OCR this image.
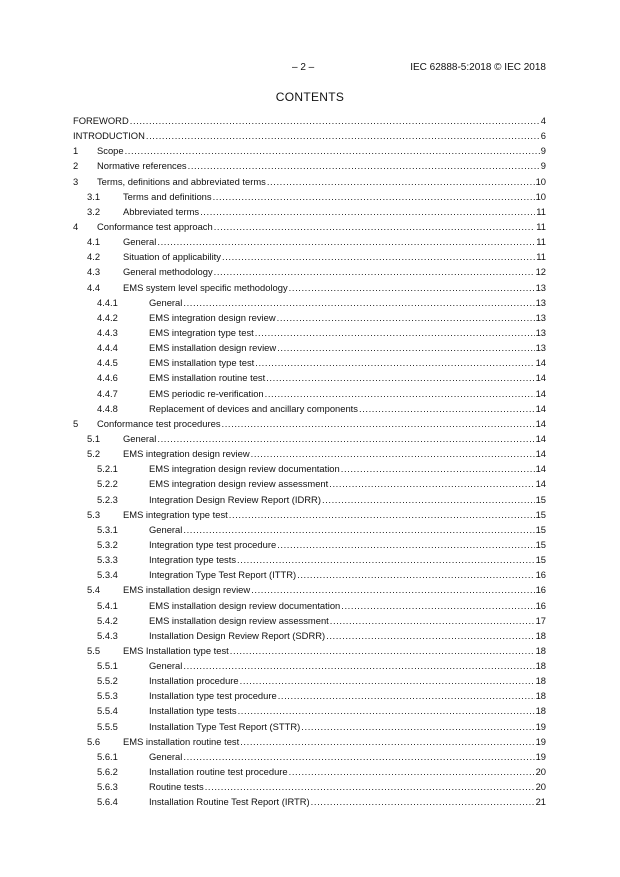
– 2 –	IEC 62888-5:2018 © IEC 2018
CONTENTS
FOREWORD .....	4
INTRODUCTION .....	6
1	Scope .....	9
2	Normative references .....	9
3	Terms, definitions and abbreviated terms .....	10
3.1	Terms and definitions .....	10
3.2	Abbreviated terms .....	11
4	Conformance test approach .....	11
4.1	General .....	11
4.2	Situation of applicability .....	11
4.3	General methodology .....	12
4.4	EMS system level specific methodology .....	13
4.4.1	General .....	13
4.4.2	EMS integration design review .....	13
4.4.3	EMS integration type test .....	13
4.4.4	EMS installation design review .....	13
4.4.5	EMS installation type test .....	14
4.4.6	EMS installation routine test .....	14
4.4.7	EMS periodic re-verification .....	14
4.4.8	Replacement of devices and ancillary components .....	14
5	Conformance test procedures .....	14
5.1	General .....	14
5.2	EMS integration design review .....	14
5.2.1	EMS integration design review documentation .....	14
5.2.2	EMS integration design review assessment .....	14
5.2.3	Integration Design Review Report (IDRR) .....	15
5.3	EMS integration type test .....	15
5.3.1	General .....	15
5.3.2	Integration type test procedure .....	15
5.3.3	Integration type tests .....	15
5.3.4	Integration Type Test Report (ITTR) .....	16
5.4	EMS installation design review .....	16
5.4.1	EMS installation design review documentation .....	16
5.4.2	EMS installation design review assessment .....	17
5.4.3	Installation Design Review Report (SDRR) .....	18
5.5	EMS Installation type test .....	18
5.5.1	General .....	18
5.5.2	Installation procedure .....	18
5.5.3	Installation type test procedure .....	18
5.5.4	Installation type tests .....	18
5.5.5	Installation Type Test Report (STTR) .....	19
5.6	EMS installation routine test .....	19
5.6.1	General .....	19
5.6.2	Installation routine test procedure .....	20
5.6.3	Routine tests .....	20
5.6.4	Installation Routine Test Report (IRTR) .....	21
